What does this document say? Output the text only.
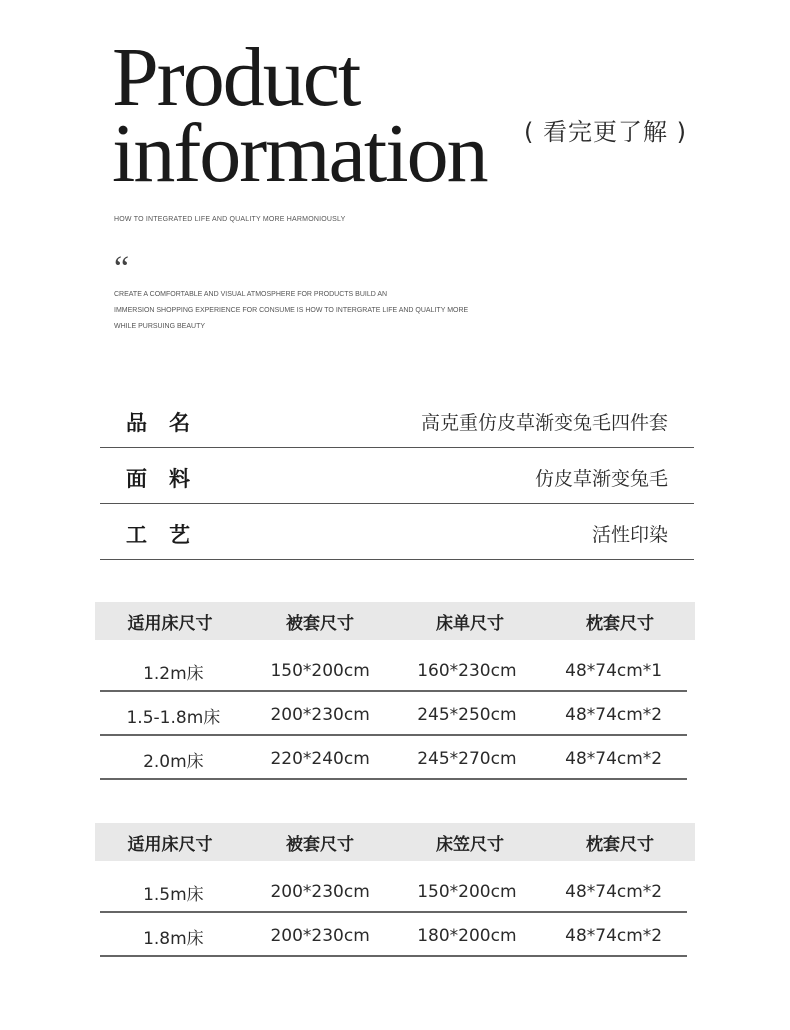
Product
information ( 看完更了解 )
HOW TO INTEGRATED LIFE AND QUALITY MORE HARMONIOUSLY
“
CREATE A COMFORTABLE AND VISUAL ATMOSPHERE FOR PRODUCTS BUILD AN
IMMERSION SHOPPING EXPERIENCE FOR CONSUME IS HOW TO INTERGRATE LIFE AND QUALITY MORE
WHILE PURSUING BEAUTY
品名	高克重仿皮草渐变兔毛四件套
面料	仿皮草渐变兔毛
工艺	活性印染
适用床尺寸	被套尺寸	床单尺寸	枕套尺寸
1.2m床	150*200cm	160*230cm	48*74cm*1
1.5-1.8m床	200*230cm	245*250cm	48*74cm*2
2.0m床	220*240cm	245*270cm	48*74cm*2
适用床尺寸	被套尺寸	床笠尺寸	枕套尺寸
1.5m床	200*230cm	150*200cm	48*74cm*2
1.8m床	200*230cm	180*200cm	48*74cm*2
